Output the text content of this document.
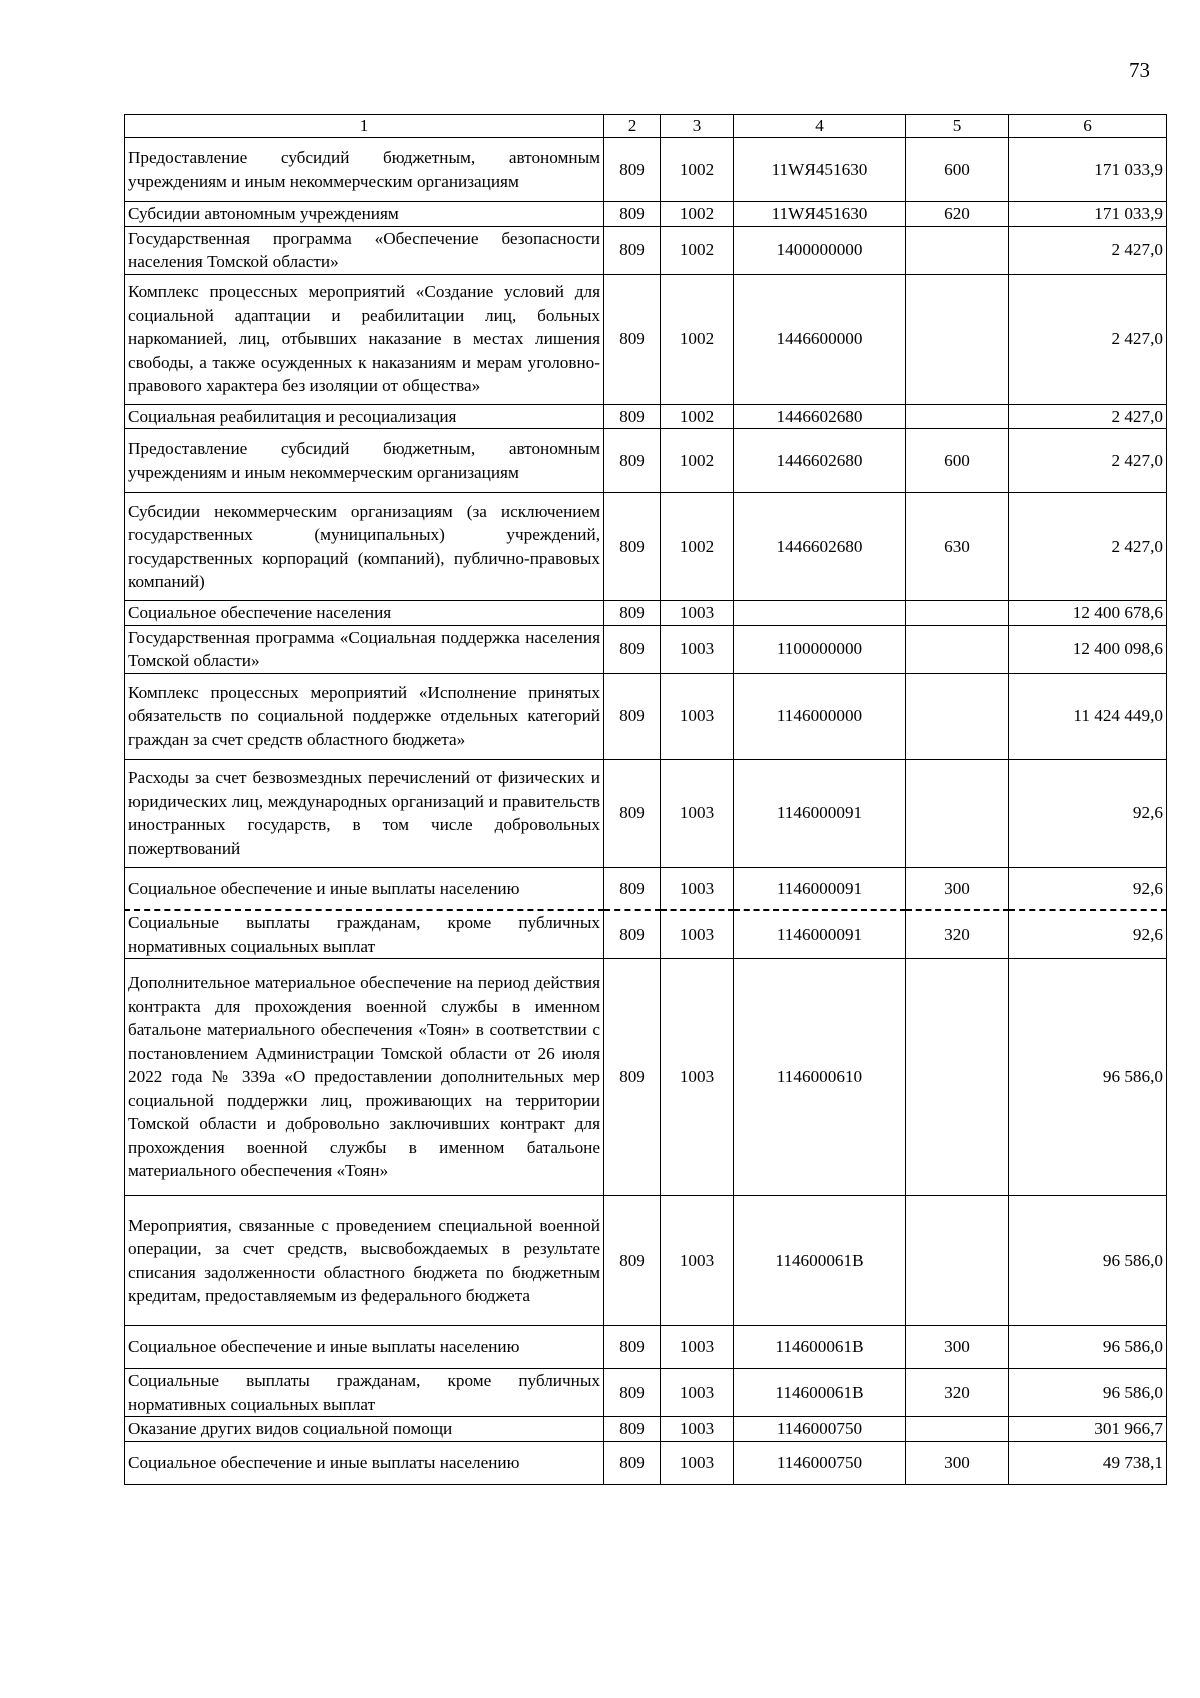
73
1	2	3	4	5	6
Предоставление субсидий бюджетным, автономным учреждениям и иным некоммерческим организациям	809	1002	11WЯ451630	600	171 033,9
Субсидии автономным учреждениям	809	1002	11WЯ451630	620	171 033,9
Государственная программа «Обеспечение безопасности населения Томской области»	809	1002	1400000000		2 427,0
Комплекс процессных мероприятий «Создание условий для социальной адаптации и реабилитации лиц, больных наркоманией, лиц, отбывших наказание в местах лишения свободы, а также осужденных к наказаниям и мерам уголовно-правового характера без изоляции от общества»	809	1002	1446600000		2 427,0
Социальная реабилитация и ресоциализация	809	1002	1446602680		2 427,0
Предоставление субсидий бюджетным, автономным учреждениям и иным некоммерческим организациям	809	1002	1446602680	600	2 427,0
Субсидии некоммерческим организациям (за исключением государственных (муниципальных) учреждений, государственных корпораций (компаний), публично-правовых компаний)	809	1002	1446602680	630	2 427,0
Социальное обеспечение населения	809	1003			12 400 678,6
Государственная программа «Социальная поддержка населения Томской области»	809	1003	1100000000		12 400 098,6
Комплекс процессных мероприятий «Исполнение принятых обязательств по социальной поддержке отдельных категорий граждан за счет средств областного бюджета»	809	1003	1146000000		11 424 449,0
Расходы за счет безвозмездных перечислений от физических и юридических лиц, международных организаций и правительств иностранных государств, в том числе добровольных пожертвований	809	1003	1146000091		92,6
Социальное обеспечение и иные выплаты населению	809	1003	1146000091	300	92,6
Социальные выплаты гражданам, кроме публичных нормативных социальных выплат	809	1003	1146000091	320	92,6
Дополнительное материальное обеспечение на период действия контракта для прохождения военной службы в именном батальоне материального обеспечения «Тоян» в соответствии с постановлением Администрации Томской области от 26 июля 2022 года № 339а «О предоставлении дополнительных мер социальной поддержки лиц, проживающих на территории Томской области и добровольно заключивших контракт для прохождения военной службы в именном батальоне материального обеспечения «Тоян»	809	1003	1146000610		96 586,0
Мероприятия, связанные с проведением специальной военной операции, за счет средств, высвобождаемых в результате списания задолженности областного бюджета по бюджетным кредитам, предоставляемым из федерального бюджета	809	1003	114600061В		96 586,0
Социальное обеспечение и иные выплаты населению	809	1003	114600061В	300	96 586,0
Социальные выплаты гражданам, кроме публичных нормативных социальных выплат	809	1003	114600061В	320	96 586,0
Оказание других видов социальной помощи	809	1003	1146000750		301 966,7
Социальное обеспечение и иные выплаты населению	809	1003	1146000750	300	49 738,1
